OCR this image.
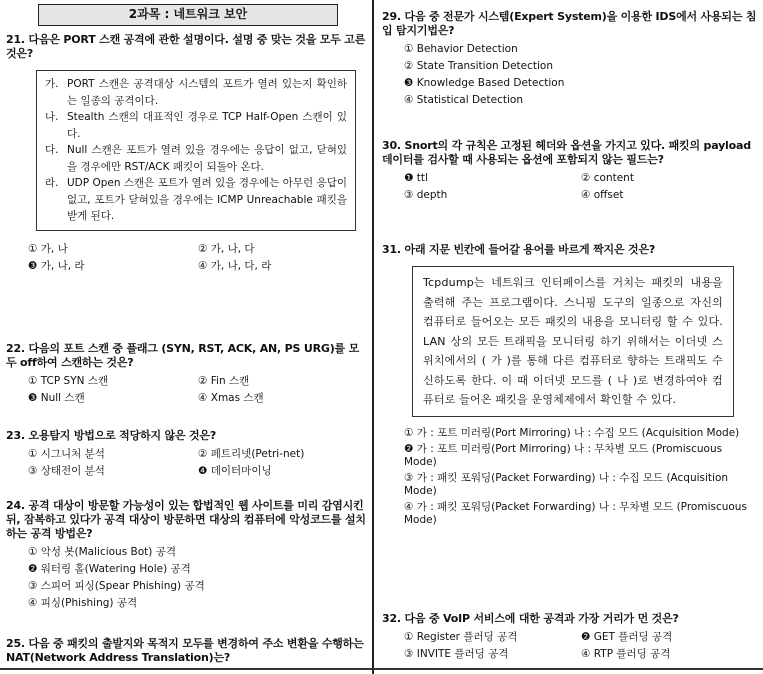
2과목 : 네트워크 보안
21. 다음은 PORT 스캔 공격에 관한 설명이다. 설명 중 맞는 것을 모두 고른 것은?
가. PORT 스캔은 공격대상 시스템의 포트가 열려 있는지 확인하는 일종의 공격이다.
나. Stealth 스캔의 대표적인 경우로 TCP Half-Open 스캔이 있다.
다. Null 스캔은 포트가 열려 있을 경우에는 응답이 없고, 닫혀있을 경우에만 RST/ACK 패킷이 되돌아 온다.
라. UDP Open 스캔은 포트가 열려 있을 경우에는 아무런 응답이 없고, 포트가 닫혀있을 경우에는 ICMP Unreachable 패킷을 받게 된다.
① 가, 나	② 가, 나, 다
❸ 가, 나, 라	④ 가, 나, 다, 라
22. 다음의 포트 스캔 중 플래그 (SYN, RST, ACK, AN, PS URG)를 모두 off하여 스캔하는 것은?
① TCP SYN 스캔	② Fin 스캔
❸ Null 스캔	④ Xmas 스캔
23. 오용탐지 방법으로 적당하지 않은 것은?
① 시그니처 분석	② 페트리넷(Petri-net)
③ 상태전이 분석	❹ 데이터마이닝
24. 공격 대상이 방문할 가능성이 있는 합법적인 웹 사이트를 미리 감염시킨 뒤, 잠복하고 있다가 공격 대상이 방문하면 대상의 컴퓨터에 악성코드를 설치하는 공격 방법은?
① 악성 봇(Malicious Bot) 공격
❷ 워터링 홀(Watering Hole) 공격
③ 스피어 피싱(Spear Phishing) 공격
④ 피싱(Phishing) 공격
25. 다음 중 패킷의 출발지와 목적지 모두를 변경하여 주소 변환을 수행하는 NAT(Network Address Translation)는?
29. 다음 중 전문가 시스템(Expert System)을 이용한 IDS에서 사용되는 침입 탐지기법은?
① Behavior Detection
② State Transition Detection
❸ Knowledge Based Detection
④ Statistical Detection
30. Snort의 각 규칙은 고정된 헤더와 옵션을 가지고 있다. 패킷의 payload 데이터를 검사할 때 사용되는 옵션에 포함되지 않는 필드는?
❶ ttl	② content
③ depth	④ offset
31. 아래 지문 빈칸에 들어갈 용어를 바르게 짝지은 것은?
Tcpdump는 네트워크 인터페이스를 거치는 패킷의 내용을 출력해 주는 프로그램이다. 스니핑 도구의 일종으로 자신의 컴퓨터로 들어오는 모든 패킷의 내용을 모니터링 할 수 있다. LAN 상의 모든 트래픽을 모니터링 하기 위해서는 이더넷 스위치에서의 ( 가 )를 통해 다른 컴퓨터로 향하는 트래픽도 수 신하도록 한다. 이 때 이더넷 모드를 ( 나 )로 변경하여야 컴 퓨터로 들어온 패킷을 운영체제에서 확인할 수 있다.
① 가 : 포트 미러링(Port Mirroring) 나 : 수집 모드 (Acquisition Mode)
❷ 가 : 포트 미러링(Port Mirroring) 나 : 무차별 모드 (Promiscuous Mode)
③ 가 : 패킷 포워딩(Packet Forwarding) 나 : 수집 모드 (Acquisition Mode)
④ 가 : 패킷 포워딩(Packet Forwarding) 나 : 무차별 모드 (Promiscuous Mode)
32. 다음 중 VoIP 서비스에 대한 공격과 가장 거리가 먼 것은?
① Register 플러딩 공격	❷ GET 플러딩 공격
③ INVITE 플러딩 공격	④ RTP 플러딩 공격
